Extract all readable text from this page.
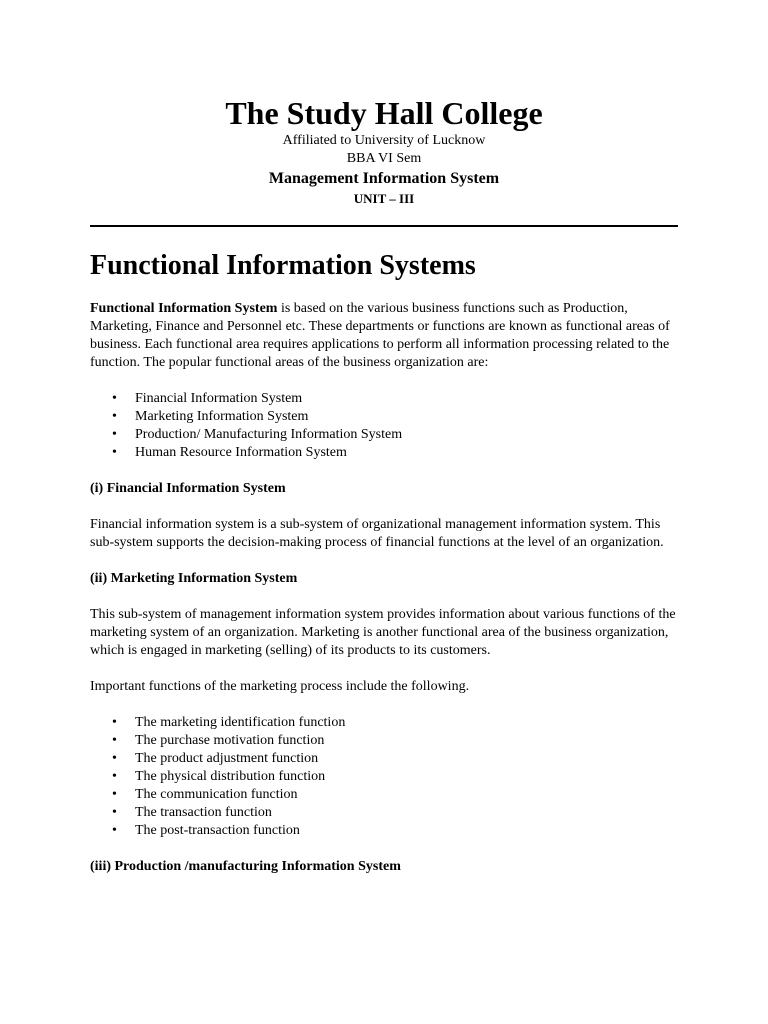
The Study Hall College

Affiliated to University of Lucknow

BBA VI Sem

Management Information System

UNIT – III

Functional Information Systems

Functional Information System is based on the various business functions such as Production, Marketing, Finance and Personnel etc. These departments or functions are known as functional areas of business. Each functional area requires applications to perform all information processing related to the function. The popular functional areas of the business organization are:

• Financial Information System
• Marketing Information System
• Production/ Manufacturing Information System
• Human Resource Information System

(i) Financial Information System

Financial information system is a sub-system of organizational management information system. This sub-system supports the decision-making process of financial functions at the level of an organization.

(ii) Marketing Information System

This sub-system of management information system provides information about various functions of the marketing system of an organization. Marketing is another functional area of the business organization, which is engaged in marketing (selling) of its products to its customers.

Important functions of the marketing process include the following.

• The marketing identification function
• The purchase motivation function
• The product adjustment function
• The physical distribution function
• The communication function
• The transaction function
• The post-transaction function

(iii) Production /manufacturing Information System
